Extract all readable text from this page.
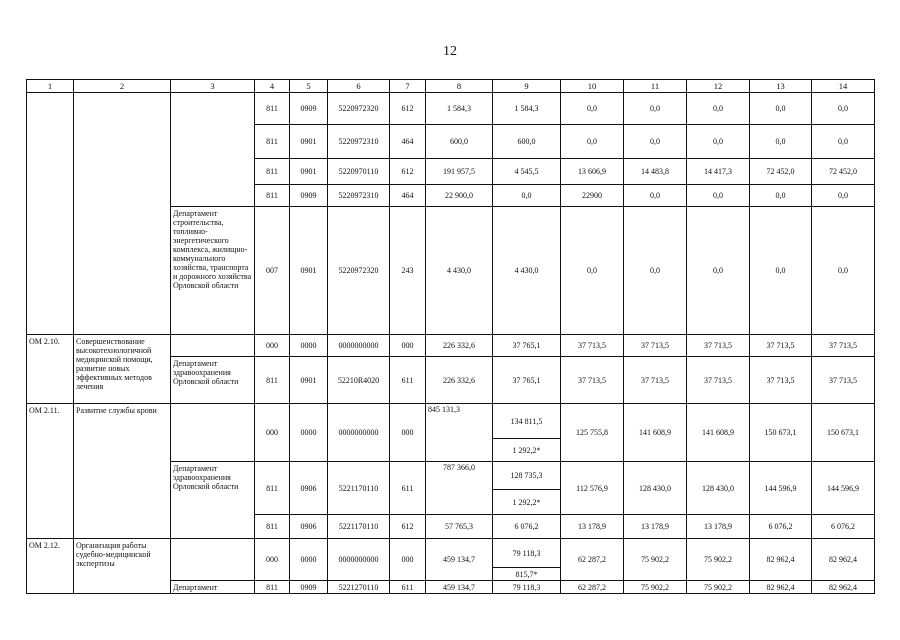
12
1	2	3	4	5	6	7	8	9	10	11	12	13	14
			811	0909	5220972320	612	1 584,3	1 584,3	0,0	0,0	0,0	0,0	0,0
			811	0901	5220972310	464	600,0	600,0	0,0	0,0	0,0	0,0	0,0
			811	0901	5220970110	612	191 957,5	4 545,5	13 606,9	14 483,8	14 417,3	72 452,0	72 452,0
			811	0909	5220972310	464	22 900,0	0,0	22900	0,0	0,0	0,0	0,0
		Департамент строительства, топливно-энергетического комплекса, жилищно-коммунального хозяйства, транспорта и дорожного хозяйства Орловской области	007	0901	5220972320	243	4 430,0	4 430,0	0,0	0,0	0,0	0,0	0,0
ОМ 2.10.	Совершенствование высокотехнологичной медицинской помощи, развитие новых эффективных методов лечения		000	0000	0000000000	000	226 332,6	37 765,1	37 713,5	37 713,5	37 713,5	37 713,5	37 713,5
		Департамент здравоохранения Орловской области	811	0901	52210R4020	611	226 332,6	37 765,1	37 713,5	37 713,5	37 713,5	37 713,5	37 713,5
ОМ 2.11.	Развитие службы крови		000	0000	0000000000	000	845 131,3	134 811,5	125 755,8	141 608,9	141 608,9	150 673,1	150 673,1
								1 292,2*					
		Департамент здравоохранения Орловской области	811	0906	5221170110	611	787 366,0	128 735,3	112 576,9	128 430,0	128 430,0	144 596,9	144 596,9
								1 292,2*					
			811	0906	5221170110	612	57 765,3	6 076,2	13 178,9	13 178,9	13 178,9	6 076,2	6 076,2
ОМ 2.12.	Организация работы судебно-медицинской экспертизы		000	0000	0000000000	000	459 134,7	79 118,3	62 287,2	75 902,2	75 902,2	82 962,4	82 962,4
								815,7*					
		Департамент	811	0909	5221270110	611	459 134,7	79 118,3	62 287,2	75 902,2	75 902,2	82 962,4	82 962,4
